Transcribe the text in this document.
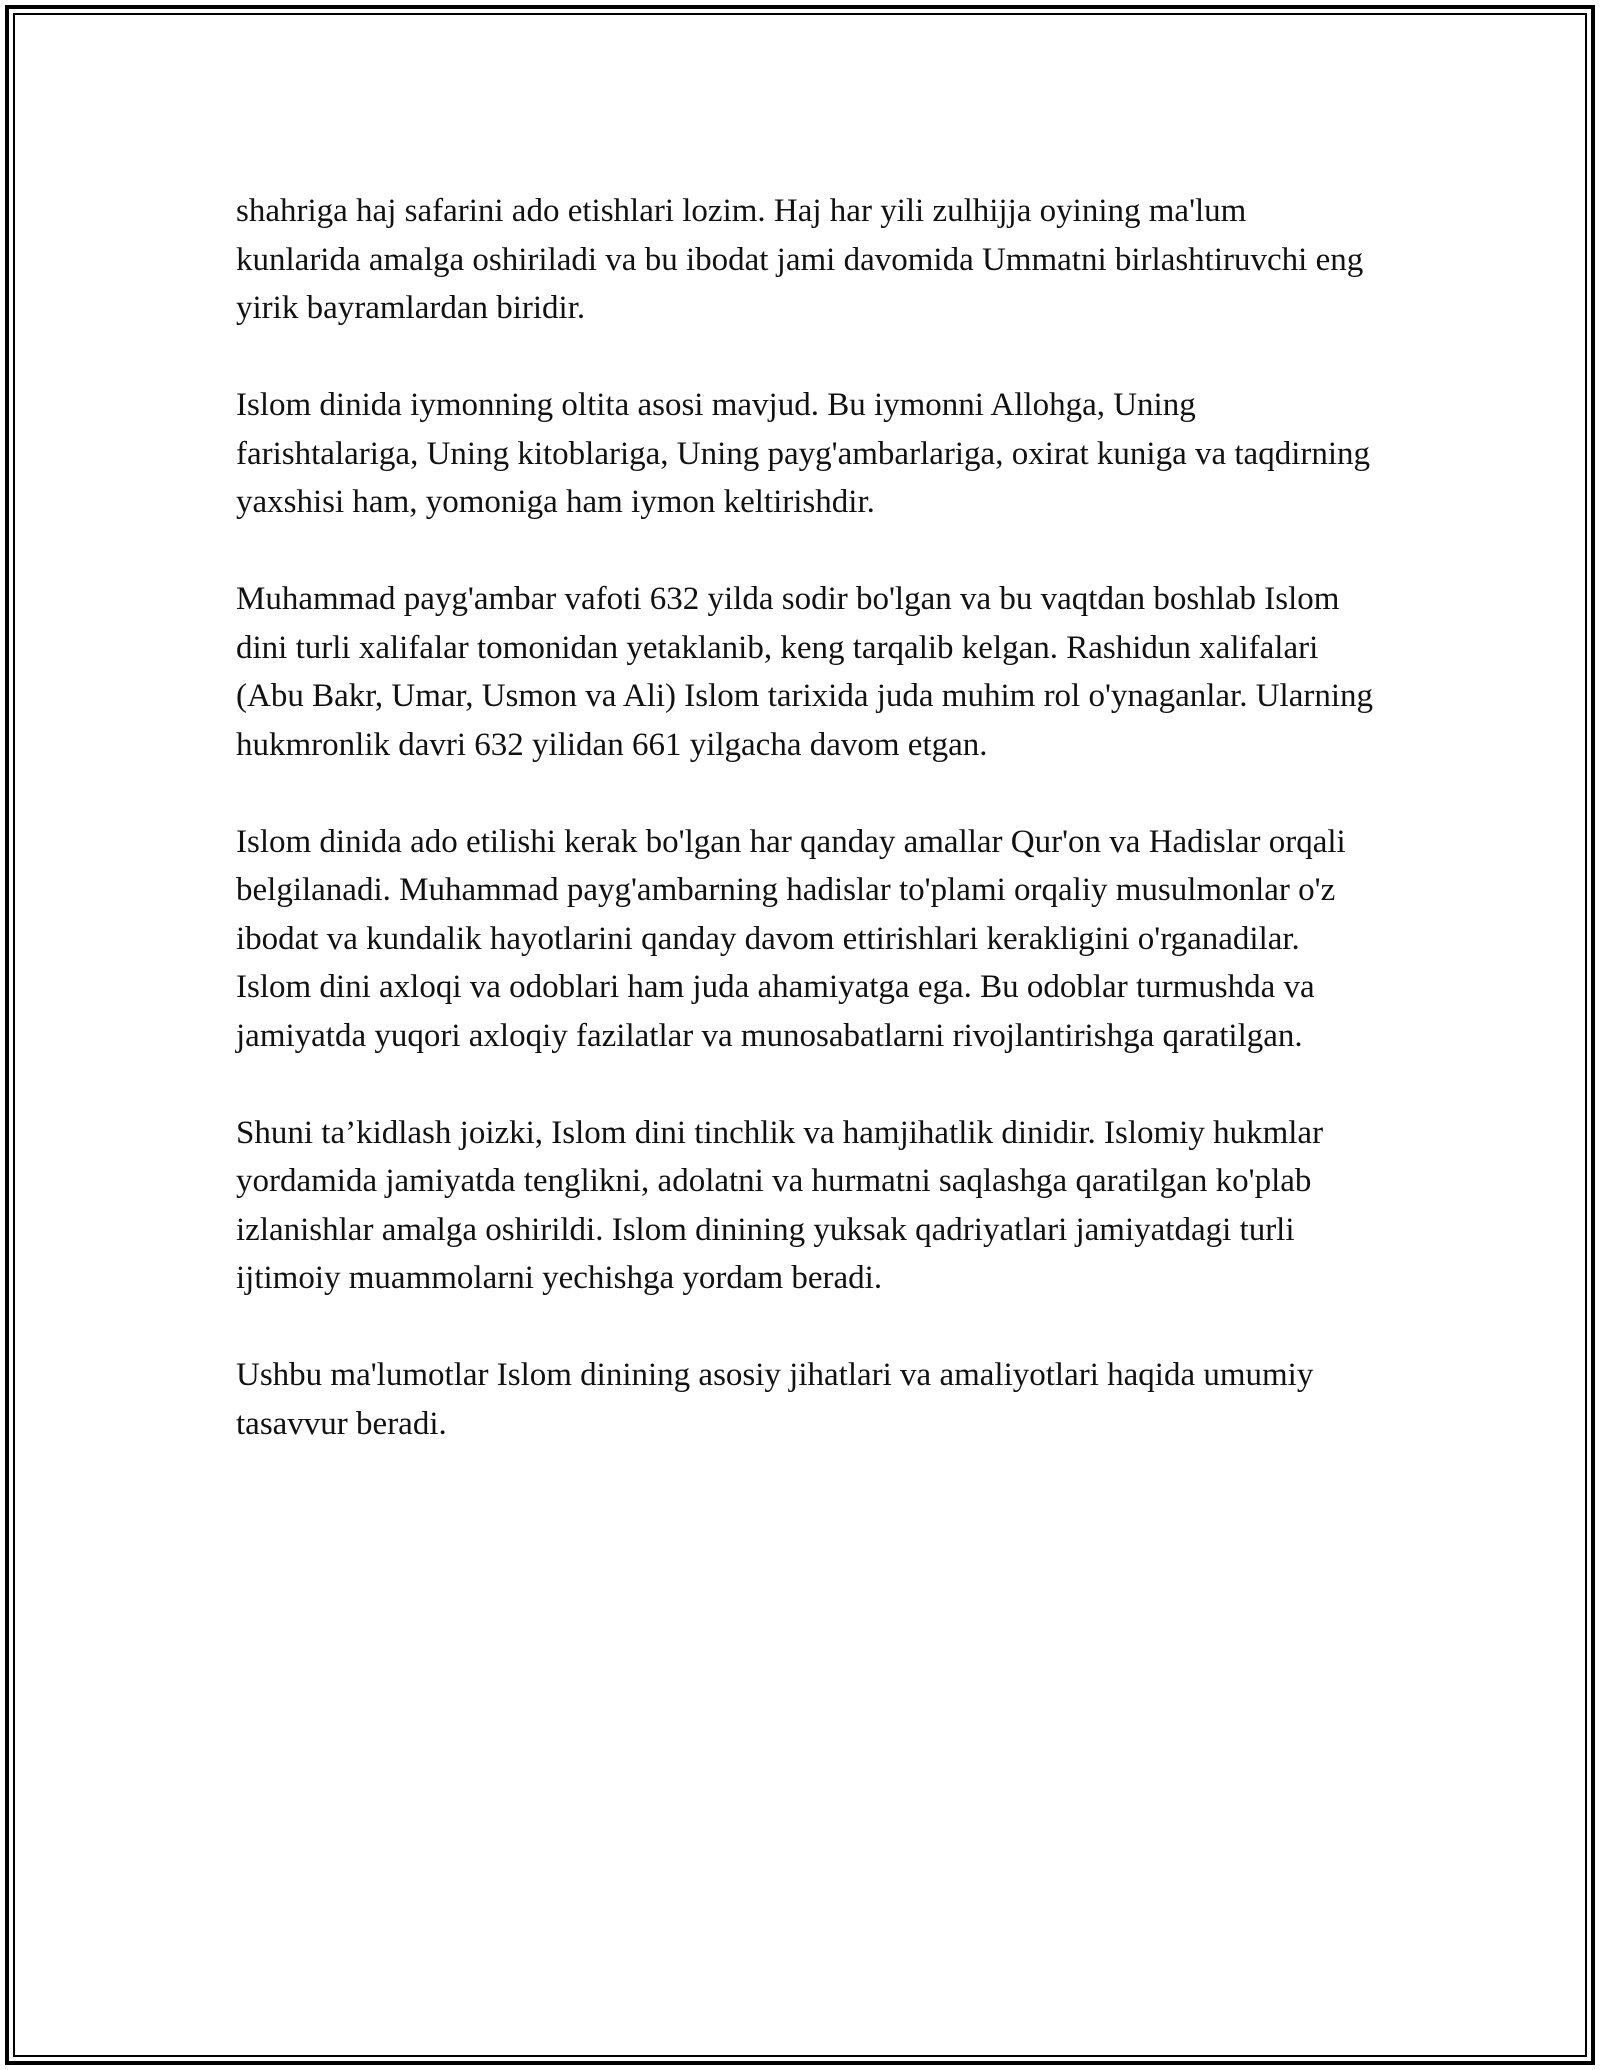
shahriga haj safarini ado etishlari lozim. Haj har yili zulhijja oyining ma'lum kunlarida amalga oshiriladi va bu ibodat jami davomida Ummatni birlashtiruvchi eng yirik bayramlardan biridir.

Islom dinida iymonning oltita asosi mavjud. Bu iymonni Allohga, Uning farishtalariga, Uning kitoblariga, Uning payg'ambarlariga, oxirat kuniga va taqdirning yaxshisi ham, yomoniga ham iymon keltirishdir.

Muhammad payg'ambar vafoti 632 yilda sodir bo'lgan va bu vaqtdan boshlab Islom dini turli xalifalar tomonidan yetaklanib, keng tarqalib kelgan. Rashidun xalifalari (Abu Bakr, Umar, Usmon va Ali) Islom tarixida juda muhim rol o'ynaganlar. Ularning hukmronlik davri 632 yilidan 661 yilgacha davom etgan.

Islom dinida ado etilishi kerak bo'lgan har qanday amallar Qur'on va Hadislar orqali belgilanadi. Muhammad payg'ambarning hadislar to'plami orqaliy musulmonlar o'z ibodat va kundalik hayotlarini qanday davom ettirishlari kerakligini o'rganadilar.  Islom dini axloqi va odoblari ham juda ahamiyatga ega. Bu odoblar turmushda va jamiyatda yuqori axloqiy fazilatlar va munosabatlarni rivojlantirishga qaratilgan.

Shuni ta’kidlash joizki, Islom dini tinchlik va hamjihatlik dinidir. Islomiy hukmlar yordamida jamiyatda tenglikni, adolatni va hurmatni saqlashga qaratilgan ko'plab izlanishlar amalga oshirildi. Islom dinining yuksak qadriyatlari jamiyatdagi turli ijtimoiy muammolarni yechishga yordam beradi.

Ushbu ma'lumotlar Islom dinining asosiy jihatlari va amaliyotlari haqida umumiy tasavvur beradi.
